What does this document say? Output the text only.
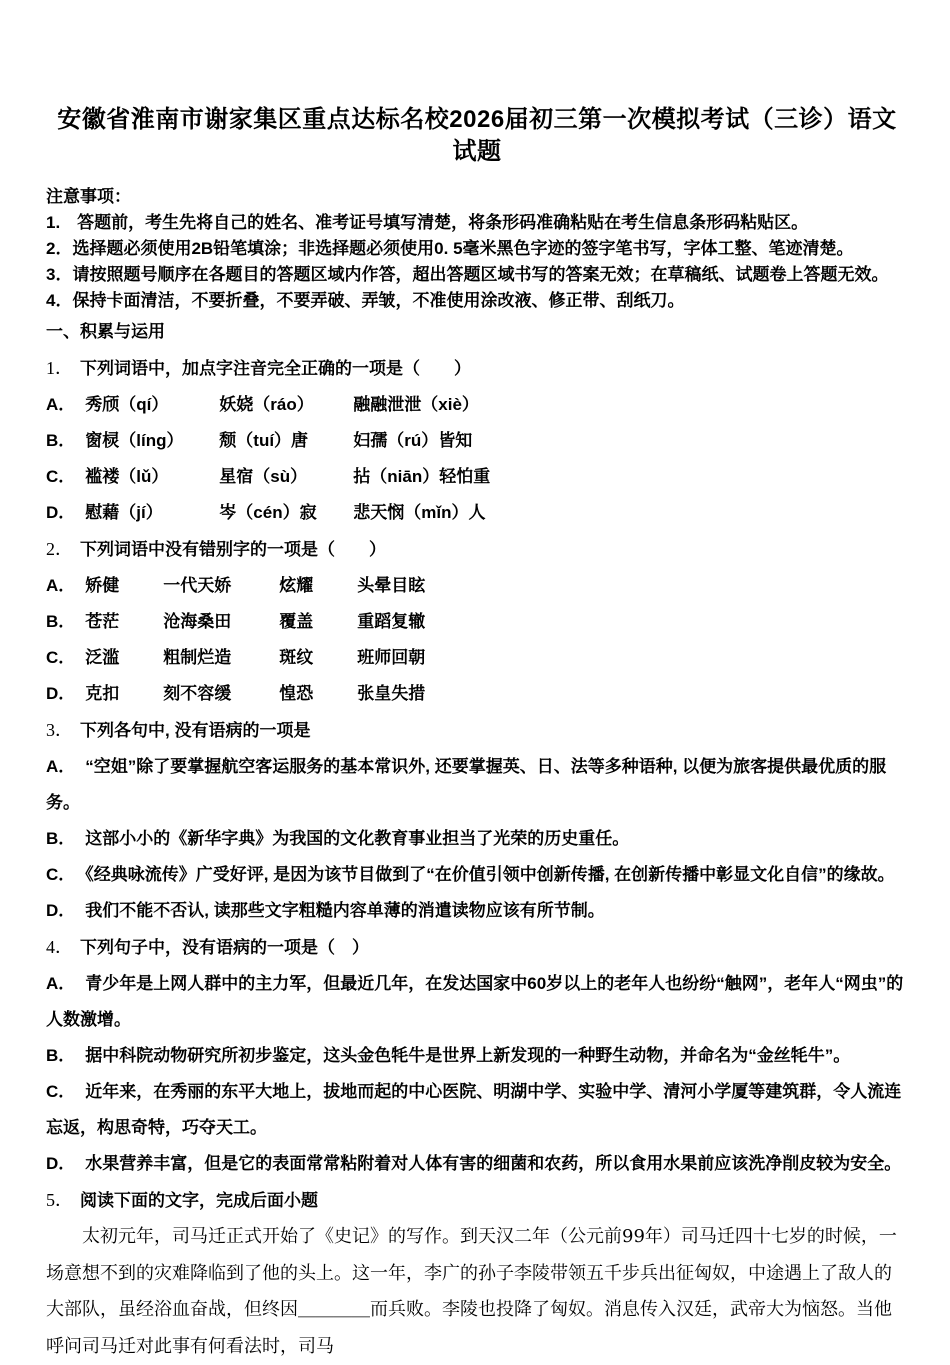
安徽省淮南市谢家集区重点达标名校2026届初三第一次模拟考试（三诊）语文试题

注意事项：

1.　答题前，考生先将自己的姓名、准考证号填写清楚，将条形码准确粘贴在考生信息条形码粘贴区。

2．选择题必须使用2B铅笔填涂；非选择题必须使用0. 5毫米黑色字迹的签字笔书写，字体工整、笔迹清楚。

3．请按照题号顺序在各题目的答题区域内作答，超出答题区域书写的答案无效；在草稿纸、试题卷上答题无效。

4．保持卡面清洁，不要折叠，不要弄破、弄皱，不准使用涂改液、修正带、刮纸刀。

一、积累与运用

1． 下列词语中，加点字注音完全正确的一项是（　　）

A． 秀颀（qí）	妖娆（ráo） 融融泄泄（xiè）

B． 窗棂（líng） 颓（tuí）唐	妇孺（rú）皆知

C． 褴褛（lǔ）	星宿（sù）	拈（niān）轻怕重

D． 慰藉（jí）	岑（cén）寂 悲天悯（mǐn）人

2． 下列词语中没有错别字的一项是（　　）

A． 矫健	一代天娇	炫耀	头晕目眩

B． 苍茫	沧海桑田	覆盖	重蹈复辙

C． 泛滥	粗制烂造	斑纹	班师回朝

D． 克扣	刻不容缓	惶恐	张皇失措

3． 下列各句中, 没有语病的一项是

A． “空姐”除了要掌握航空客运服务的基本常识外, 还要掌握英、日、法等多种语种, 以便为旅客提供最优质的服务。

B． 这部小小的《新华字典》为我国的文化教育事业担当了光荣的历史重任。

C． 《经典咏流传》广受好评, 是因为该节目做到了“在价值引领中创新传播, 在创新传播中彰显文化自信”的缘故。

D． 我们不能不否认, 读那些文字粗糙内容单薄的消遣读物应该有所节制。

4． 下列句子中，没有语病的一项是（　）

A． 青少年是上网人群中的主力军，但最近几年，在发达国家中60岁以上的老年人也纷纷“触网”，老年人“网虫”的人数激增。

B． 据中科院动物研究所初步鉴定，这头金色牦牛是世界上新发现的一种野生动物，并命名为“金丝牦牛”。

C． 近年来，在秀丽的东平大地上，拔地而起的中心医院、明湖中学、实验中学、清河小学厦等建筑群，令人流连忘返，构思奇特，巧夺天工。

D． 水果营养丰富，但是它的表面常常粘附着对人体有害的细菌和农药，所以食用水果前应该洗净削皮较为安全。

5． 阅读下面的文字，完成后面小题

太初元年，司马迁正式开始了《史记》的写作。到天汉二年（公元前99年）司马迁四十七岁的时候，一场意想不到的灾难降临到了他的头上。这一年，李广的孙子李陵带领五千步兵出征匈奴，中途遇上了敌人的大部队，虽经浴血奋战，但终因＿＿＿＿而兵败。李陵也投降了匈奴。消息传入汉廷，武帝大为恼怒。当他呼问司马迁对此事有何看法时，司马
